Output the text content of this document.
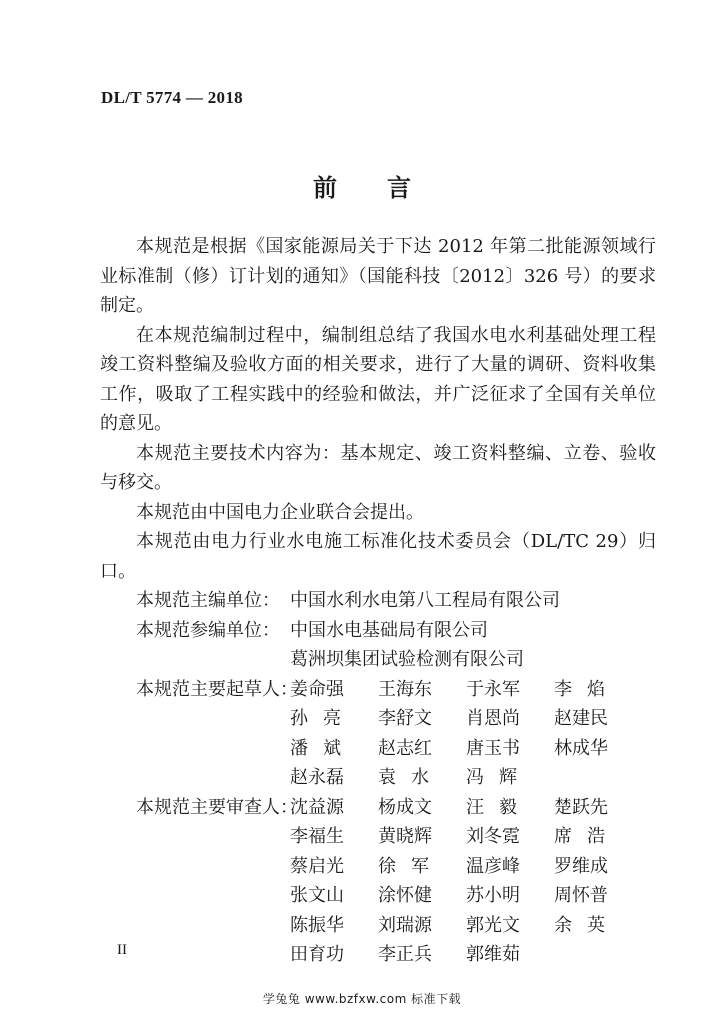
DL/T 5774 — 2018
前 言

本规范是根据《国家能源局关于下达 2012 年第二批能源领域行业标准制（修）订计划的通知》（国能科技〔2012〕326 号）的要求制定。

在本规范编制过程中，编制组总结了我国水电水利基础处理工程竣工资料整编及验收方面的相关要求，进行了大量的调研、资料收集工作，吸取了工程实践中的经验和做法，并广泛征求了全国有关单位的意见。

本规范主要技术内容为：基本规定、竣工资料整编、立卷、验收与移交。

本规范由中国电力企业联合会提出。

本规范由电力行业水电施工标准化技术委员会（DL/TC 29）归口。

本规范主编单位： 中国水利水电第八工程局有限公司
本规范参编单位： 中国水电基础局有限公司
葛洲坝集团试验检测有限公司
本规范主要起草人：
姜命强	王海东	于永军	李焰
孙亮	李舒文	肖恩尚	赵建民
潘斌	赵志红	唐玉书	林成华
赵永磊	袁水	冯辉
本规范主要审查人：
沈益源	杨成文	汪毅	楚跃先
李福生	黄晓辉	刘冬霓	席浩
蔡启光	徐军	温彦峰	罗维成
张文山	涂怀健	苏小明	周怀普
陈振华	刘瑞源	郭光文	余英
田育功	李正兵	郭维茹
II
学兔兔 www.bzfxw.com 标准下载
